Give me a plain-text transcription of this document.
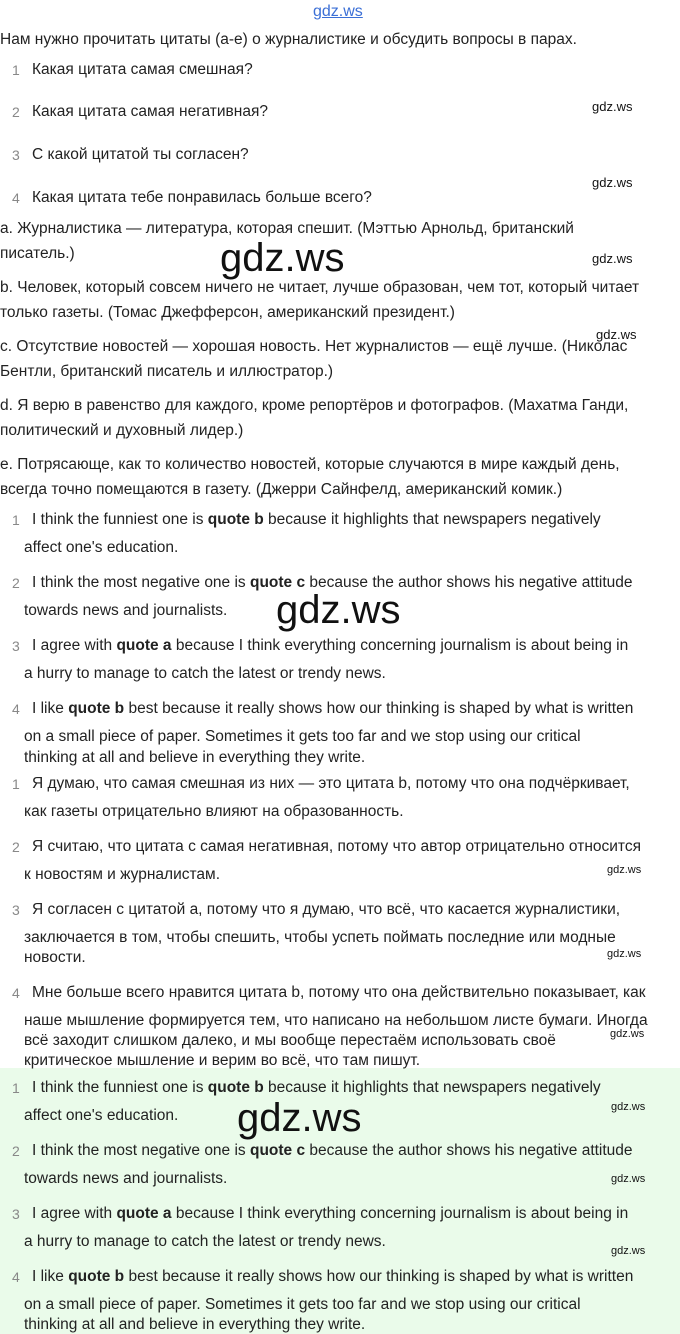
gdz.ws
Нам нужно прочитать цитаты (a-e) о журналистике и обсудить вопросы в парах.
1 Какая цитата самая смешная?
2 Какая цитата самая негативная?
3 С какой цитатой ты согласен?
4 Какая цитата тебе понравилась больше всего?
a. Журналистика — литература, которая спешит. (Мэттью Арнольд, британский
писатель.)
b. Человек, который совсем ничего не читает, лучше образован, чем тот, который читает
только газеты. (Томас Джефферсон, американский президент.)
c. Отсутствие новостей — хорошая новость. Нет журналистов — ещё лучше. (Николас
Бентли, британский писатель и иллюстратор.)
d. Я верю в равенство для каждого, кроме репортёров и фотографов. (Махатма Ганди,
политический и духовный лидер.)
e. Потрясающе, как то количество новостей, которые случаются в мире каждый день,
всегда точно помещаются в газету. (Джерри Сайнфелд, американский комик.)
1 I think the funniest one is quote b because it highlights that newspapers negatively
affect one's education.
2 I think the most negative one is quote c because the author shows his negative attitude
towards news and journalists.
3 I agree with quote a because I think everything concerning journalism is about being in
a hurry to manage to catch the latest or trendy news.
4 I like quote b best because it really shows how our thinking is shaped by what is written
on a small piece of paper. Sometimes it gets too far and we stop using our critical
thinking at all and believe in everything they write.
1 Я думаю, что самая смешная из них — это цитата b, потому что она подчёркивает,
как газеты отрицательно влияют на образованность.
2 Я считаю, что цитата с самая негативная, потому что автор отрицательно относится
к новостям и журналистам.
3 Я согласен с цитатой а, потому что я думаю, что всё, что касается журналистики,
заключается в том, чтобы спешить, чтобы успеть поймать последние или модные
новости.
4 Мне больше всего нравится цитата b, потому что она действительно показывает, как
наше мышление формируется тем, что написано на небольшом листе бумаги. Иногда
всё заходит слишком далеко, и мы вообще перестаём использовать своё
критическое мышление и верим во всё, что там пишут.
1 I think the funniest one is quote b because it highlights that newspapers negatively
affect one's education.
2 I think the most negative one is quote c because the author shows his negative attitude
towards news and journalists.
3 I agree with quote a because I think everything concerning journalism is about being in
a hurry to manage to catch the latest or trendy news.
4 I like quote b best because it really shows how our thinking is shaped by what is written
on a small piece of paper. Sometimes it gets too far and we stop using our critical
thinking at all and believe in everything they write.
gdz.ws
gdz.ws
gdz.ws
gdz.ws
gdz.ws
gdz.ws
gdz.ws
gdz.ws
gdz.ws
gdz.ws
gdz.ws
gdz.ws
gdz.ws
